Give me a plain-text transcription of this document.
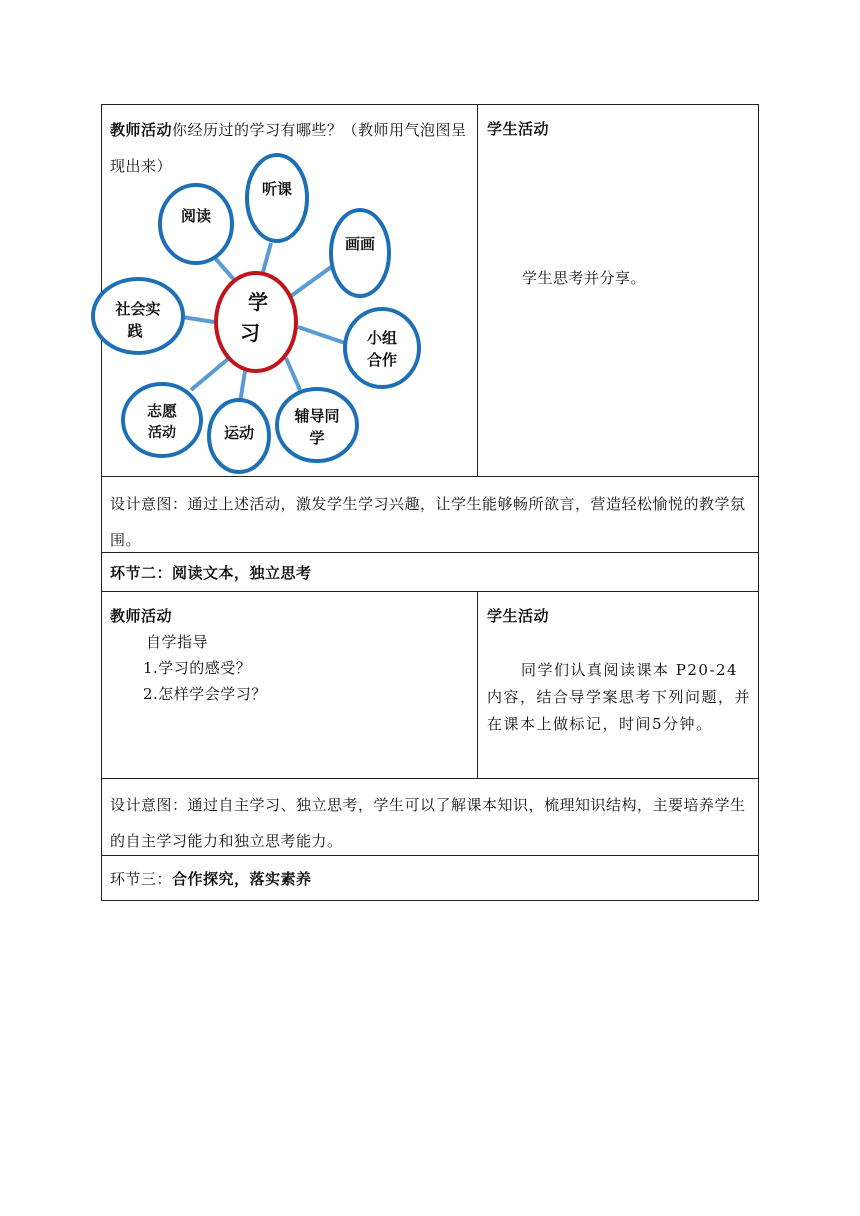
教师活动你经历过的学习有哪些？（教师用气泡图呈现出来）
阅读
听课
画画
社会实
践	小组
合作
志愿
活动	运动
辅导同
学
学
习
学生活动
学生思考并分享。
设计意图：通过上述活动，激发学生学习兴趣，让学生能够畅所欲言，营造轻松愉悦的教学氛围。
环节二：阅读文本，独立思考
教师活动
自学指导
1.学习的感受？
2.怎样学会学习？
学生活动
同学们认真阅读课本 P20-24内容，结合导学案思考下列问题，并在课本上做标记，时间5分钟。
设计意图：通过自主学习、独立思考，学生可以了解课本知识，梳理知识结构，主要培养学生的自主学习能力和独立思考能力。
环节三：合作探究，落实素养
